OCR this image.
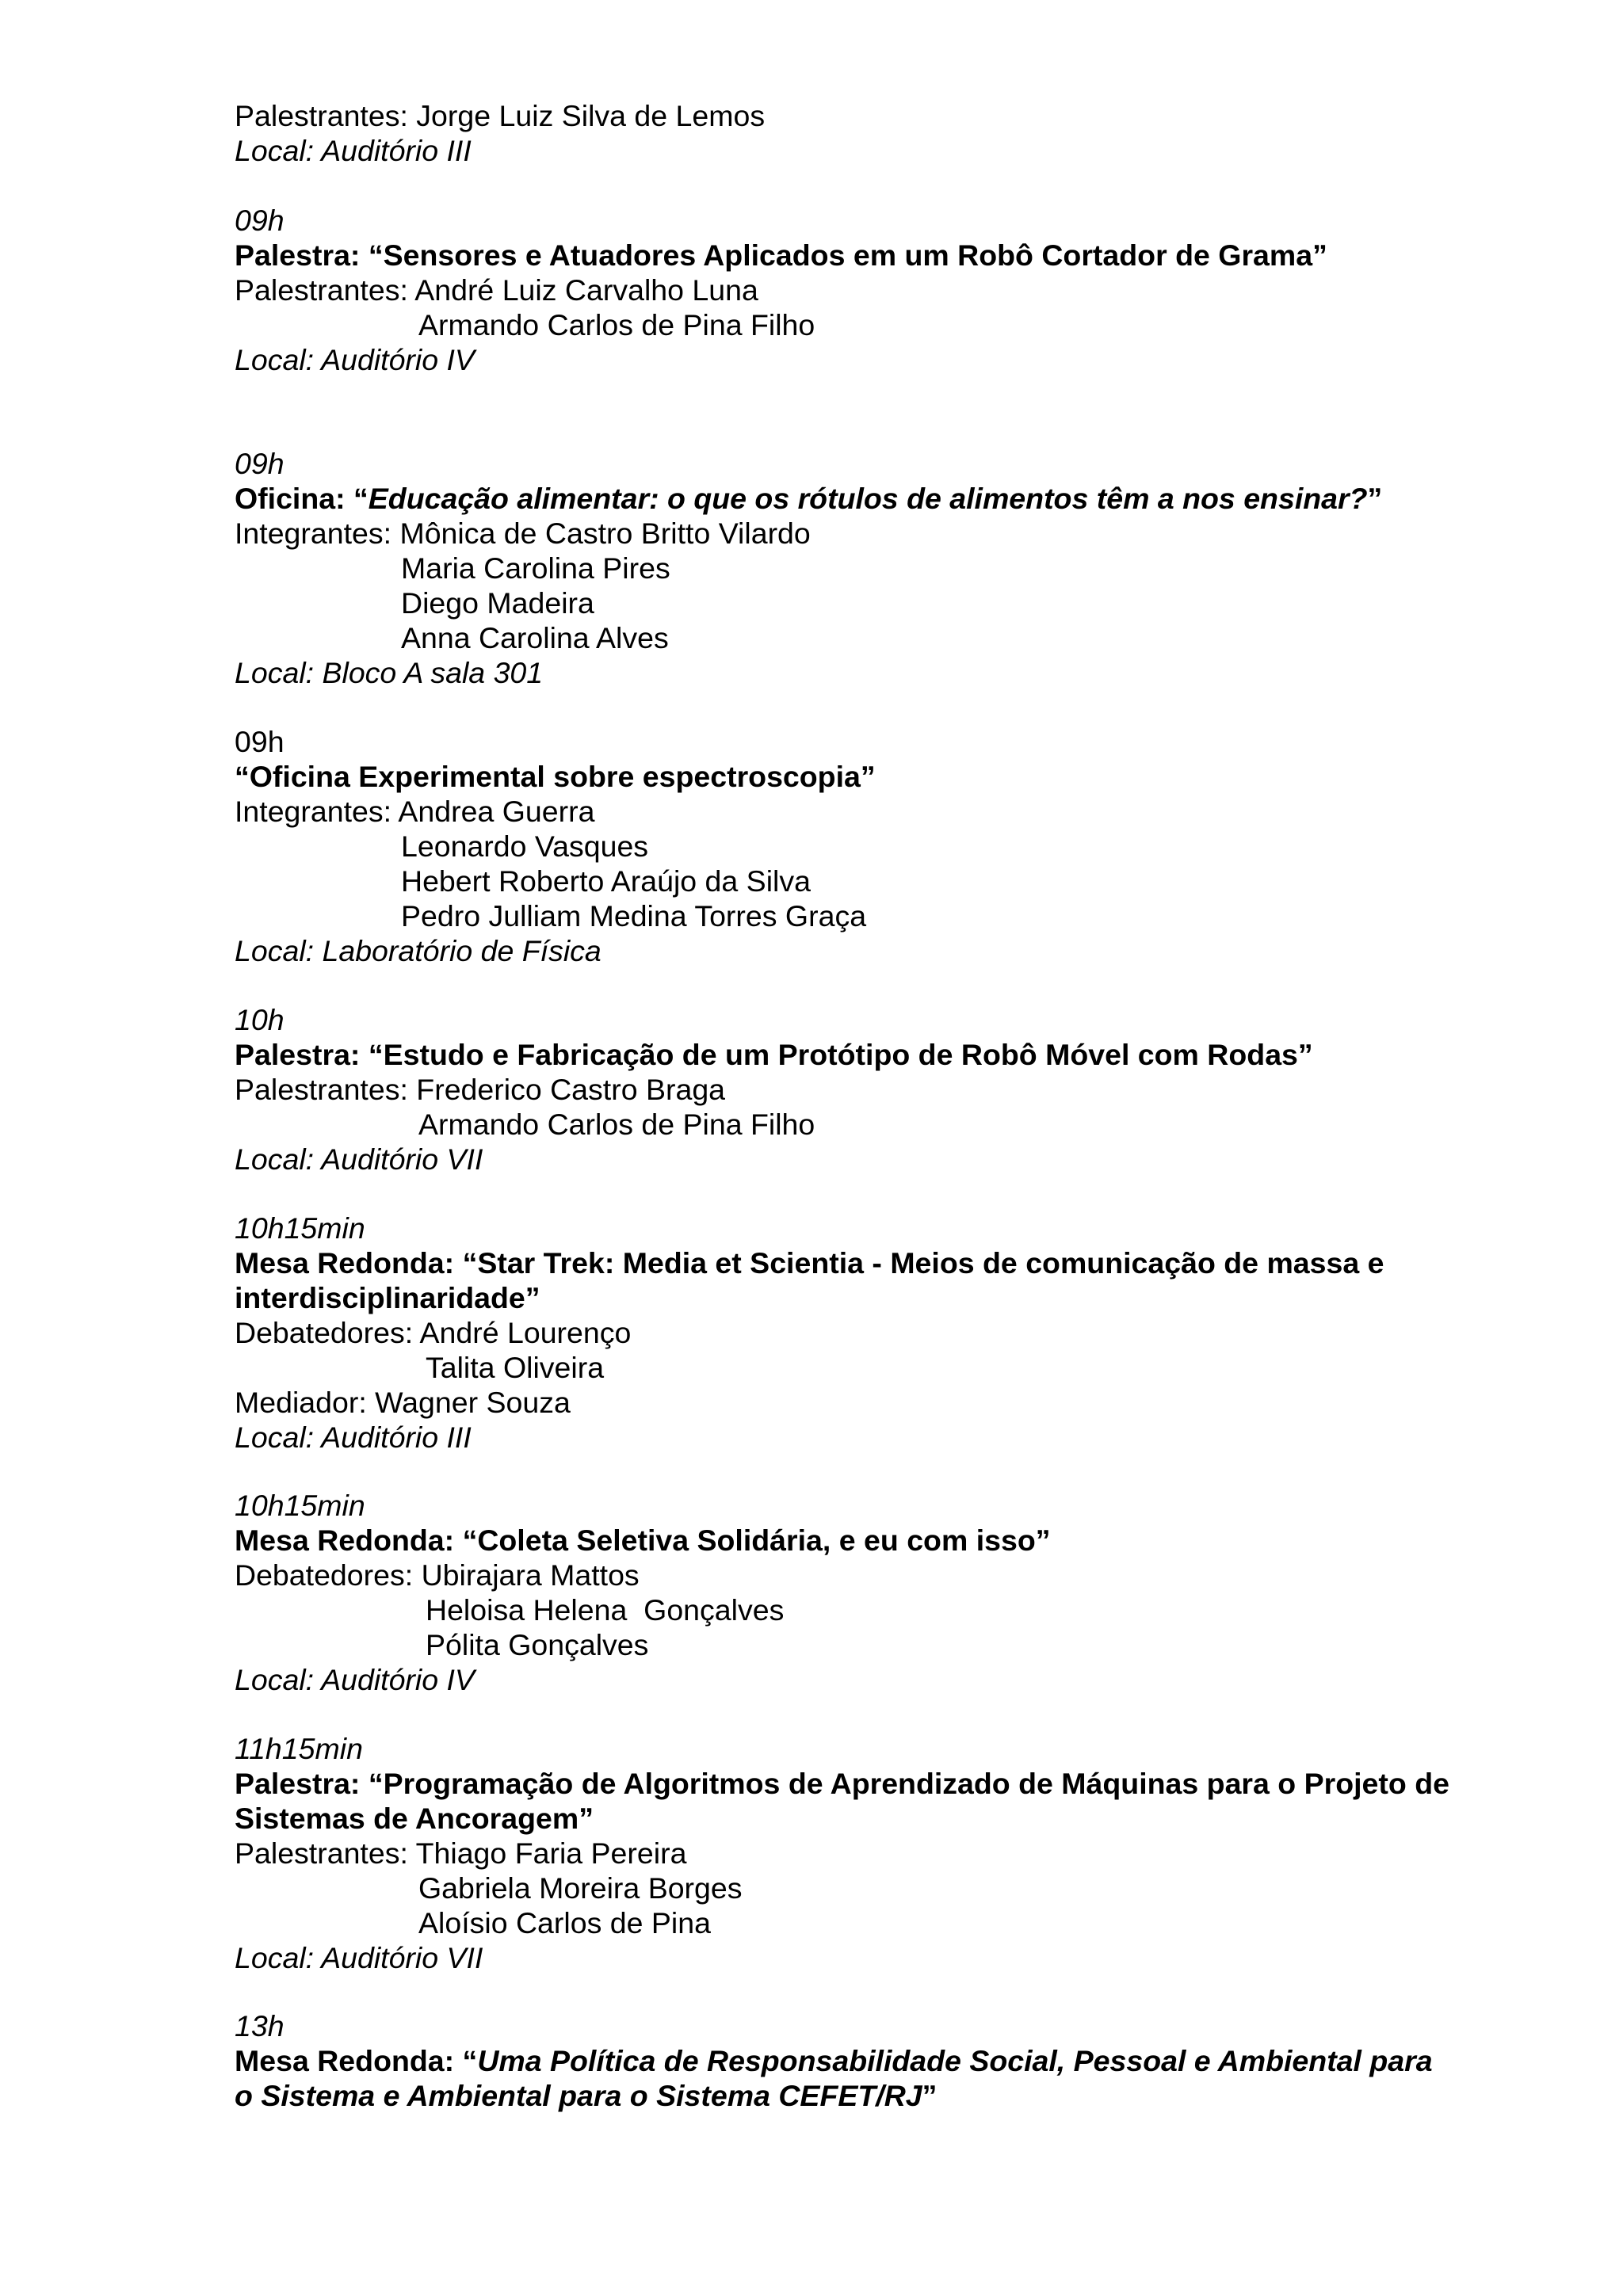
Palestrantes: Jorge Luiz Silva de Lemos
Local: Auditório III
09h
Palestra: “Sensores e Atuadores Aplicados em um Robô Cortador de Grama”
Palestrantes: André Luiz Carvalho Luna
Armando Carlos de Pina Filho
Local: Auditório IV
09h
Oficina: “Educação alimentar: o que os rótulos de alimentos têm a nos ensinar?”
Integrantes: Mônica de Castro Britto Vilardo
Maria Carolina Pires
Diego Madeira
Anna Carolina Alves
Local: Bloco A sala 301
09h
“Oficina Experimental sobre espectroscopia”
Integrantes: Andrea Guerra
Leonardo Vasques
Hebert Roberto Araújo da Silva
Pedro Julliam Medina Torres Graça
Local: Laboratório de Física
10h
Palestra: “Estudo e Fabricação de um Protótipo de Robô Móvel com Rodas”
Palestrantes: Frederico Castro Braga
Armando Carlos de Pina Filho
Local: Auditório VII
10h15min
Mesa Redonda: “Star Trek: Media et Scientia - Meios de comunicação de massa e interdisciplinaridade”
Debatedores: André Lourenço
Talita Oliveira
Mediador: Wagner Souza
Local: Auditório III
10h15min
Mesa Redonda: “Coleta Seletiva Solidária, e eu com isso”
Debatedores: Ubirajara Mattos
Heloisa Helena  Gonçalves
Pólita Gonçalves
Local: Auditório IV
11h15min
Palestra: “Programação de Algoritmos de Aprendizado de Máquinas para o Projeto de Sistemas de Ancoragem”
Palestrantes: Thiago Faria Pereira
Gabriela Moreira Borges
Aloísio Carlos de Pina
Local: Auditório VII
13h
Mesa Redonda: “Uma Política de Responsabilidade Social, Pessoal e Ambiental para o Sistema e Ambiental para o Sistema CEFET/RJ”
